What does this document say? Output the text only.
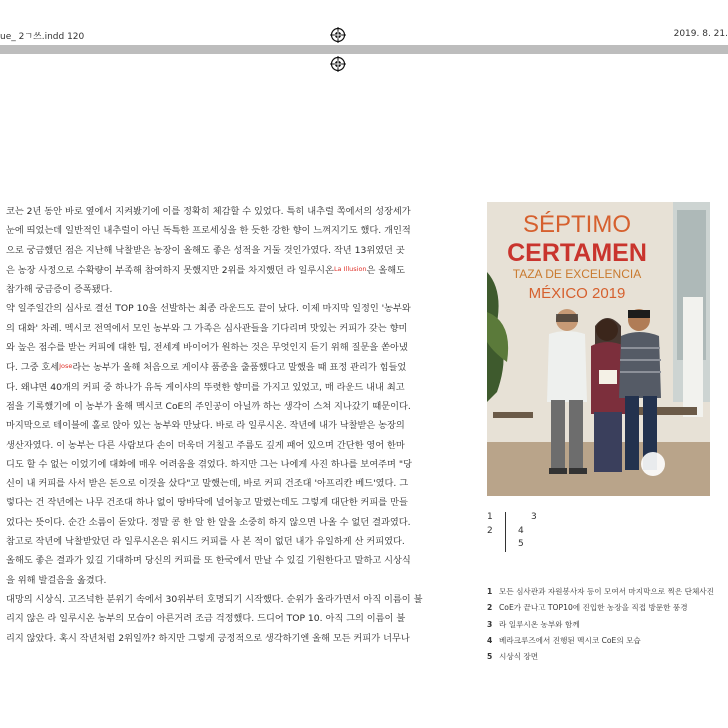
ue_ 2ㄱ쓰.indd 120	2019. 8. 21.

코는 2년 동안 바로 옆에서 지켜봤기에 이를 정확히 체감할 수 있었다. 특히 내추럴 쪽에서의 성장세가

눈에 띄었는데 일반적인 내추럴이 아닌 독특한 프로세싱을 한 듯한 강한 향이 느껴지기도 했다. 개인적

으로 궁금했던 점은 지난해 낙찰받은 농장이 올해도 좋은 성적을 거둘 것인가였다. 작년 13위였던 곳

은 농장 사정으로 수확량이 부족해 참여하지 못했지만 2위를 차지했던 라 일루시온$^{La Illusion}$은 올해도

참가해 궁금증이 증폭됐다.

약 일주일간의 심사로 결선 TOP 10을 선발하는 최종 라운드도 끝이 났다. 이제 마지막 일정인 '농부와

의 대화' 차례. 멕시코 전역에서 모인 농부와 그 가족은 심사관들을 기다리며 맛있는 커피가 갖는 향미

와 높은 점수를 받는 커피에 대한 팁, 전세계 바이어가 원하는 것은 무엇인지 듣기 위해 질문을 쏟아냈

다. 그중 호세$^{Jose}$라는 농부가 올해 처음으로 게이샤 품종을 출품했다고 말했을 때 표정 관리가 힘들었

다. 왜냐면 40개의 커피 중 하나가 유독 게이샤의 뚜렷한 향미를 가지고 있었고, 매 라운드 내내 최고

점을 기록했기에 이 농부가 올해 멕시코 CoE의 주인공이 아닐까 하는 생각이 스쳐 지나갔기 때문이다.

마지막으로 테이블에 홀로 앉아 있는 농부와 만났다. 바로 라 일루시온. 작년에 내가 낙찰받은 농장의

생산자였다. 이 농부는 다른 사람보다 손이 더욱더 거칠고 주름도 깊게 패어 있으며 간단한 영어 한마

디도 할 수 없는 이었기에 대화에 매우 어려움을 겪었다. 하지만 그는 나에게 사진 하나를 보여주며 "당

신이 내 커피를 사서 받은 돈으로 이것을 샀다"고 말했는데, 바로 커피 건조대 '아프리칸 베드'였다. 그

렇다는 건 작년에는 나무 건조대 하나 없이 땅바닥에 널어놓고 말렸는데도 그렇게 대단한 커피를 만들

었다는 뜻이다. 순간 소름이 돋았다. 정말 콩 한 알 한 알을 소중히 하지 않으면 나올 수 없던 결과였다.

참고로 작년에 낙찰받았던 라 일루시온은 워시드 커피를 사 본 적이 없던 내가 유일하게 산 커피였다.

올해도 좋은 결과가 있길 기대하며 당신의 커피를 또 한국에서 만날 수 있길 기원한다고 말하고 시상식

을 위해 발걸음을 옮겼다.

대망의 시상식. 고즈넉한 분위기 속에서 30위부터 호명되기 시작했다. 순위가 올라가면서 아직 이름이 불

리지 않은 라 일루시온 농부의 모습이 아른거려 조금 걱정했다. 드디어 TOP 10. 아직 그의 이름이 불

리지 않았다. 혹시 작년처럼 2위일까? 하지만 그렇게 긍정적으로 생각하기엔 올해 모든 커피가 너무나

SÉPTIMO
CERTAMEN
TAZA DE EXCELENCIA
MÉXICO 2019
1
2
3
4
5
1 모든 심사관과 자원봉사자 등이 모여서 마지막으로 찍은 단체사진
2 CoE가 끝나고 TOP10에 진입한 농장을 직접 방문한 풍경
3 라 일루시온 농부와 함께
4 베라크루즈에서 진행된 멕시코 CoE의 모습
5 시상식 장면
